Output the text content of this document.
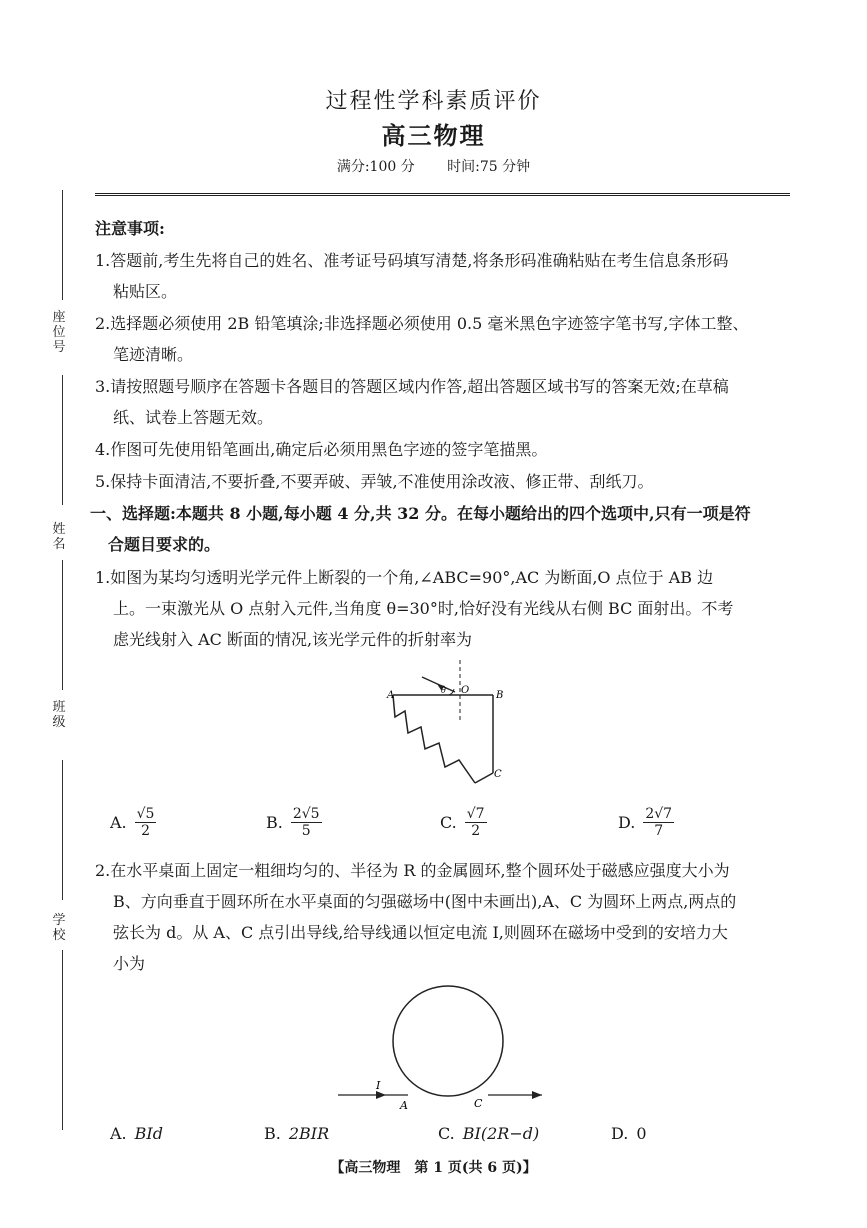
过程性学科素质评价
高三物理
满分:100 分 时间:75 分钟
座位号
姓名
班级
学校
注意事项:
1.答题前,考生先将自己的姓名、准考证号码填写清楚,将条形码准确粘贴在考生信息条形码
粘贴区。
2.选择题必须使用 2B 铅笔填涂;非选择题必须使用 0.5 毫米黑色字迹签字笔书写,字体工整、
笔迹清晰。
3.请按照题号顺序在答题卡各题目的答题区域内作答,超出答题区域书写的答案无效;在草稿
纸、试卷上答题无效。
4.作图可先使用铅笔画出,确定后必须用黑色字迹的签字笔描黑。
5.保持卡面清洁,不要折叠,不要弄破、弄皱,不准使用涂改液、修正带、刮纸刀。
一、选择题:本题共 8 小题,每小题 4 分,共 32 分。在每小题给出的四个选项中,只有一项是符
合题目要求的。
1.如图为某均匀透明光学元件上断裂的一个角,∠ABC=90°,AC 为断面,O 点位于 AB 边
上。一束激光从 O 点射入元件,当角度 θ=30°时,恰好没有光线从右侧 BC 面射出。不考
虑光线射入 AC 断面的情况,该光学元件的折射率为
A	O	B
C
θ
A. $\frac{√5}{2}$	B. $\frac{2√5}{5}$	C. $\frac{√7}{2}$	D. $\frac{2√7}{7}$
2.在水平桌面上固定一粗细均匀的、半径为 R 的金属圆环,整个圆环处于磁感应强度大小为
B、方向垂直于圆环所在水平桌面的匀强磁场中(图中未画出),A、C 为圆环上两点,两点的
弦长为 d。从 A、C 点引出导线,给导线通以恒定电流 I,则圆环在磁场中受到的安培力大
小为
I
A	C
A. BId	B. 2BIR	C. BI(2R−d)	D. 0
【高三物理　第 1 页(共 6 页)】
